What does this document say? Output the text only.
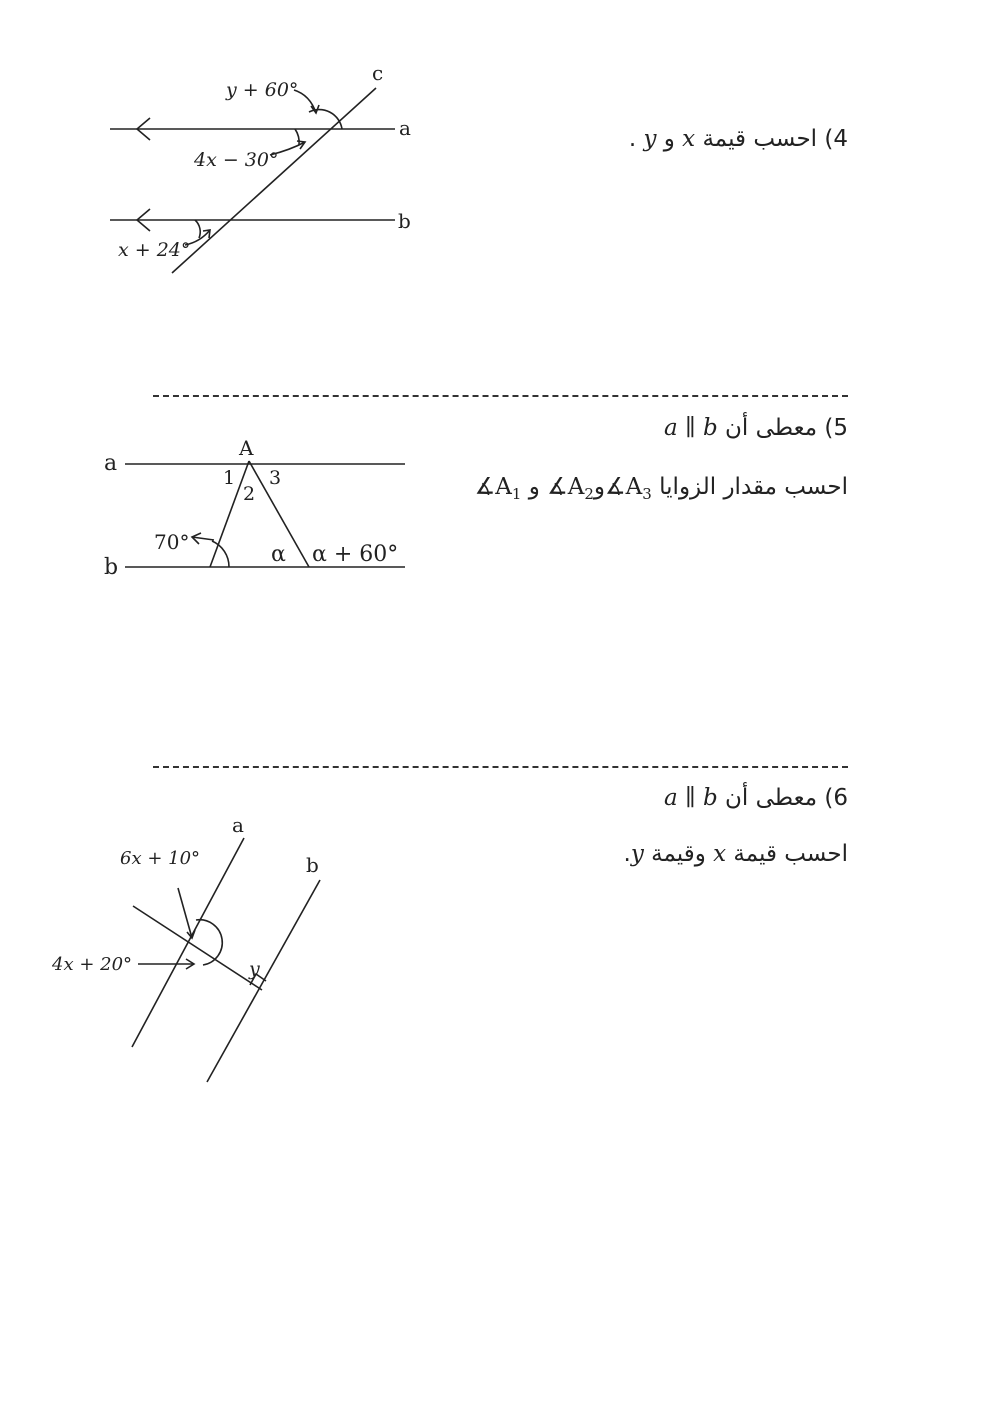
4) احسب قيمة x و y .
y + 60°
4x − 30°
x + 24°
a
b
c
5) معطى أن a ∥ b
احسب مقدار الزوايا $∡A_3و∡A_2$ و $∡A_1$
A
1
2
3
a
b
70°	α α + 60°
6) معطى أن a ∥ b
احسب قيمة x وقيمة y.
a
b
6x + 10°
4x + 20°	y
